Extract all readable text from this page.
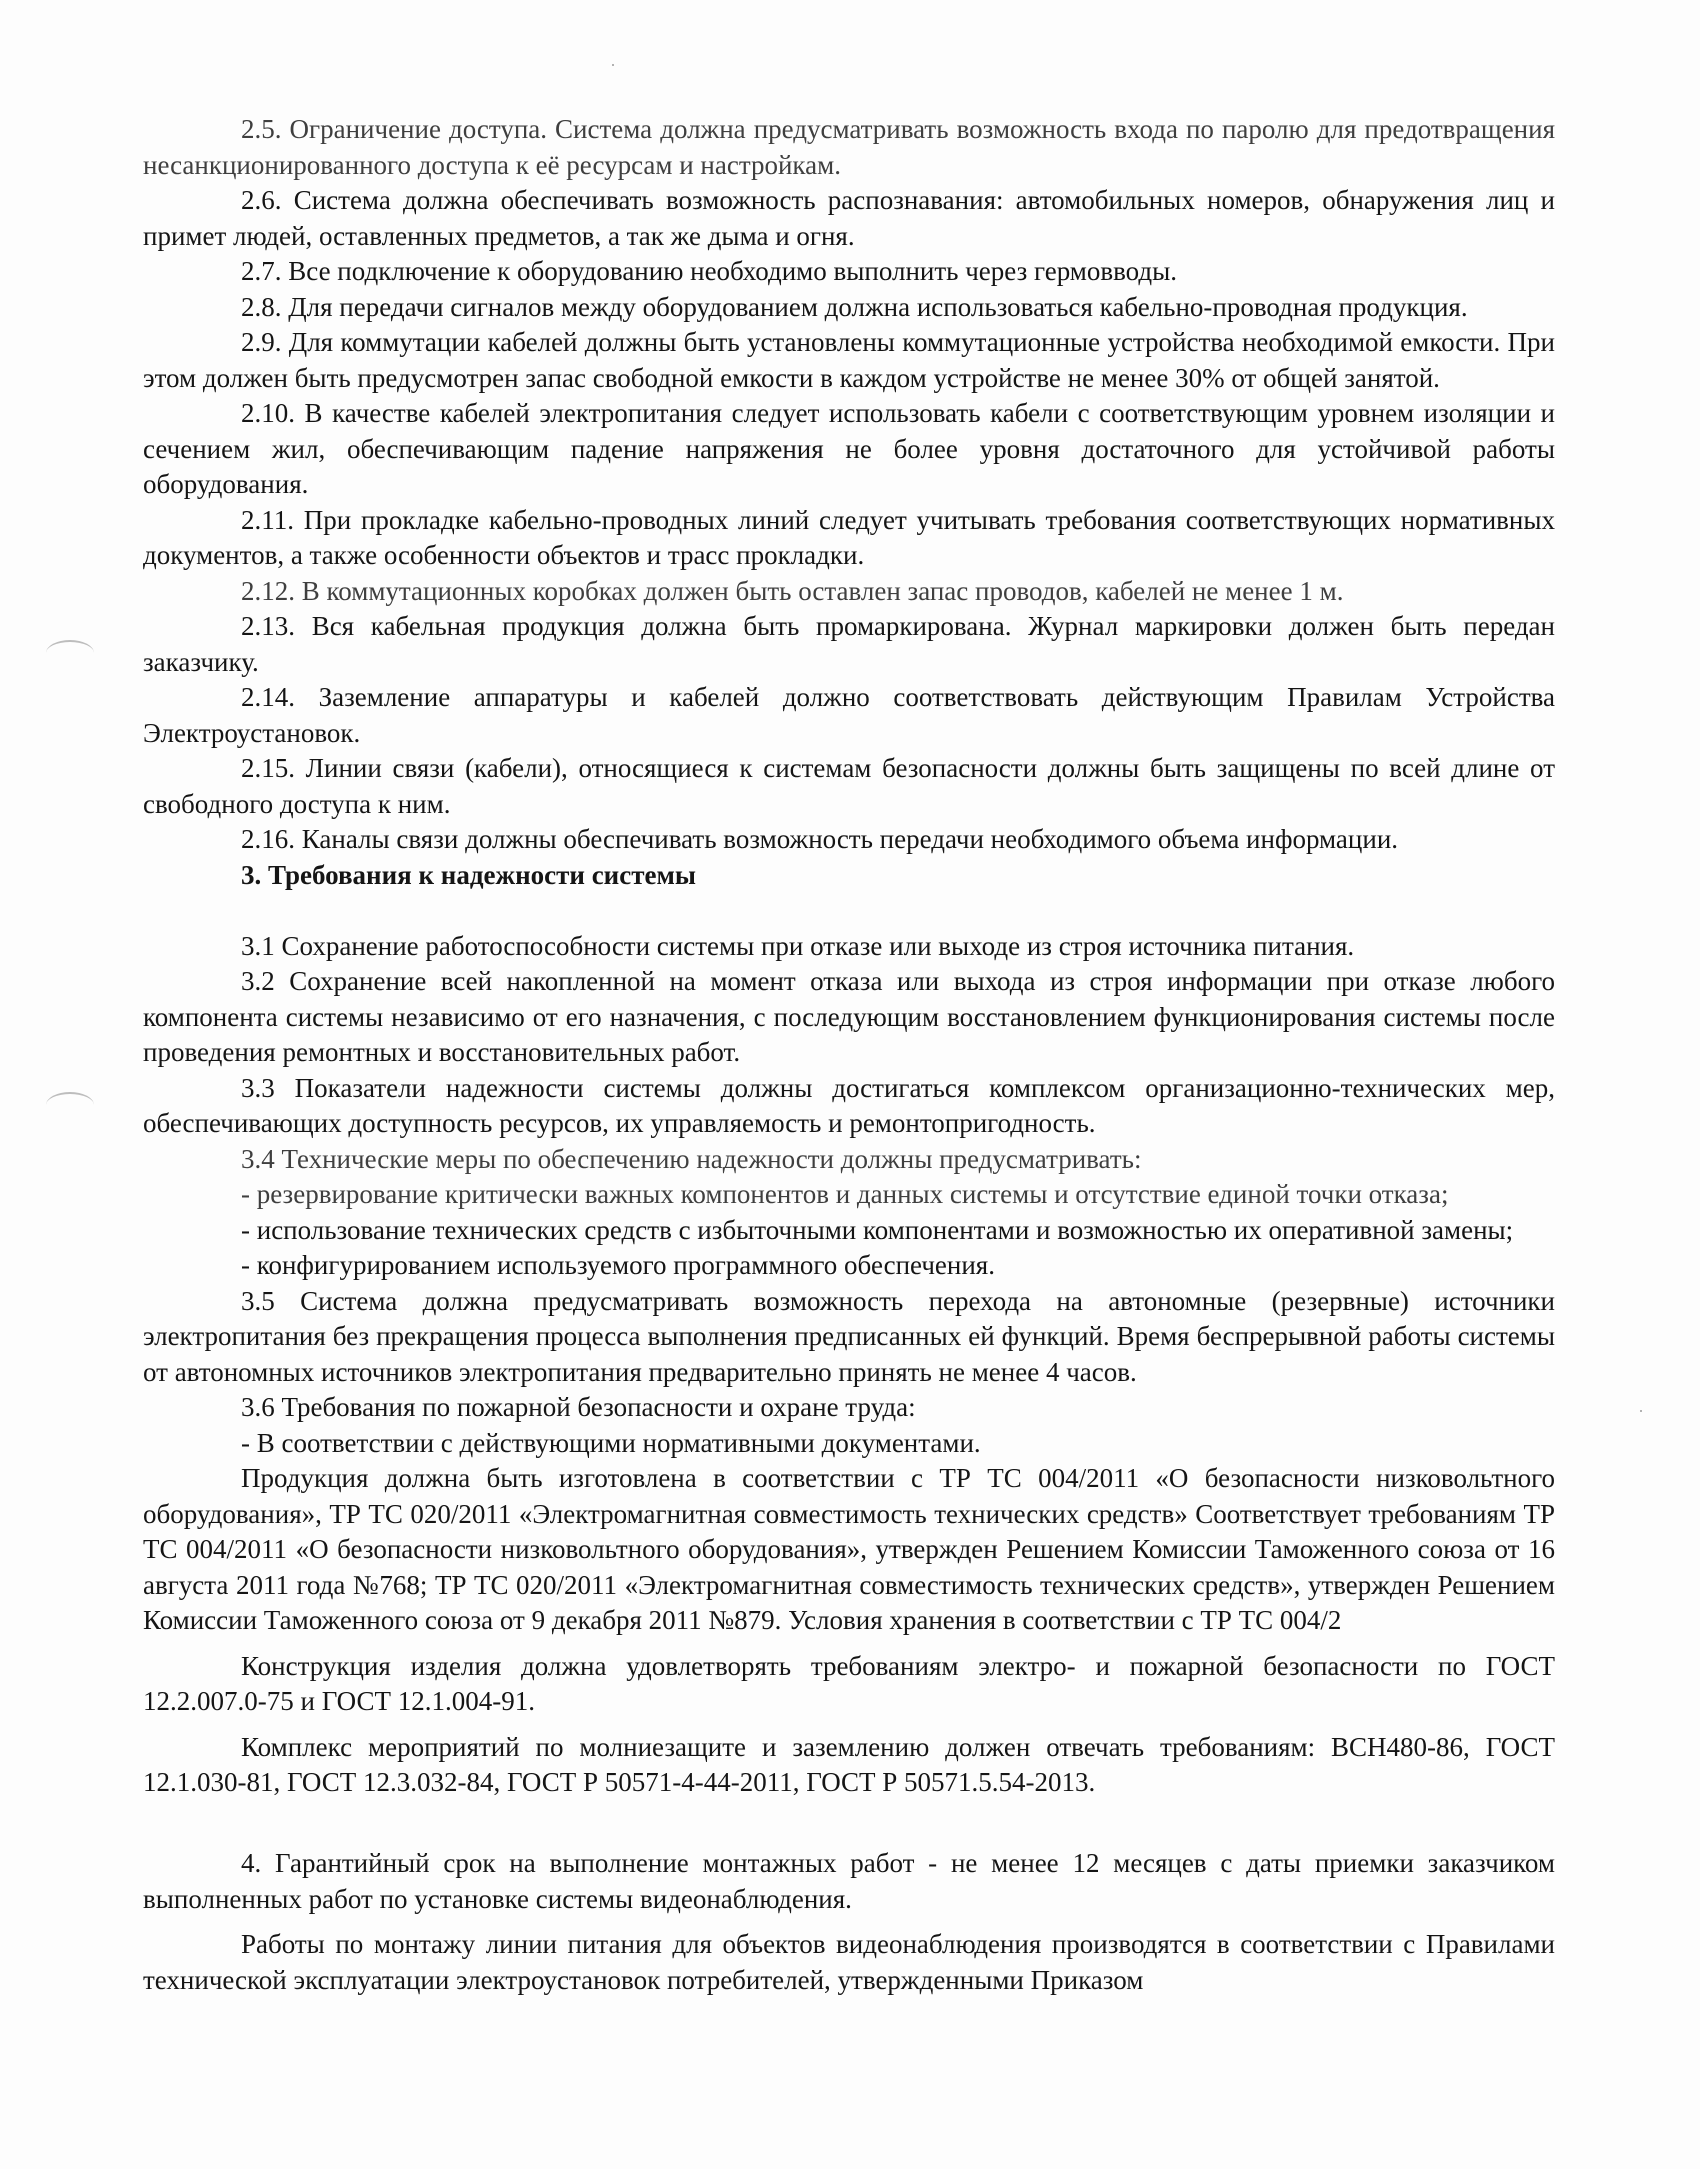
2.5. Ограничение доступа. Система должна предусматривать возможность входа по паролю для предотвращения несанкционированного доступа к её ресурсам и настройкам.

2.6. Система должна обеспечивать возможность распознавания: автомобильных номеров, обнаружения лиц и примет людей, оставленных предметов, а так же дыма и огня.

2.7. Все подключение к оборудованию необходимо выполнить через гермовводы.

2.8. Для передачи сигналов между оборудованием должна использоваться кабельно-проводная продукция.

2.9. Для коммутации кабелей должны быть установлены коммутационные устройства необходимой емкости. При этом должен быть предусмотрен запас свободной емкости в каждом устройстве не менее 30% от общей занятой.

2.10. В качестве кабелей электропитания следует использовать кабели с соответствующим уровнем изоляции и сечением жил, обеспечивающим падение напряжения не более уровня достаточного для устойчивой работы оборудования.

2.11. При прокладке кабельно-проводных линий следует учитывать требования соответствующих нормативных документов, а также особенности объектов и трасс прокладки.

2.12. В коммутационных коробках должен быть оставлен запас проводов, кабелей не менее 1 м.

2.13. Вся кабельная продукция должна быть промаркирована. Журнал маркировки должен быть передан заказчику.

2.14. Заземление аппаратуры и кабелей должно соответствовать действующим Правилам Устройства Электроустановок.

2.15. Линии связи (кабели), относящиеся к системам безопасности должны быть защищены по всей длине от свободного доступа к ним.

2.16. Каналы связи должны обеспечивать возможность передачи необходимого объема информации.

3. Требования к надежности системы

3.1 Сохранение работоспособности системы при отказе или выходе из строя источника питания.

3.2 Сохранение всей накопленной на момент отказа или выхода из строя информации при отказе любого компонента системы независимо от его назначения, с последующим восстановлением функционирования системы после проведения ремонтных и восстановительных работ.

3.3 Показатели надежности системы должны достигаться комплексом организационно-технических мер, обеспечивающих доступность ресурсов, их управляемость и ремонтопригодность.

3.4 Технические меры по обеспечению надежности должны предусматривать:

- резервирование критически важных компонентов и данных системы и отсутствие единой точки отказа;

- использование технических средств с избыточными компонентами и возможностью их оперативной замены;

- конфигурированием используемого программного обеспечения.

3.5 Система должна предусматривать возможность перехода на автономные (резервные) источники электропитания без прекращения процесса выполнения предписанных ей функций. Время беспрерывной работы системы от автономных источников электропитания предварительно принять не менее 4 часов.

3.6 Требования по пожарной безопасности и охране труда:

- В соответствии с действующими нормативными документами.

Продукция должна быть изготовлена в соответствии с ТР ТС 004/2011 «О безопасности низковольтного оборудования», ТР ТС 020/2011 «Электромагнитная совместимость технических средств» Соответствует требованиям ТР ТС 004/2011 «О безопасности низковольтного оборудования», утвержден Решением Комиссии Таможенного союза от 16 августа 2011 года №768; ТР ТС 020/2011 «Электромагнитная совместимость технических средств», утвержден Решением Комиссии Таможенного союза от 9 декабря 2011 №879. Условия хранения в соответствии с ТР ТС 004/2

Конструкция изделия должна удовлетворять требованиям электро- и пожарной безопасности по ГОСТ 12.2.007.0-75 и ГОСТ 12.1.004-91.

Комплекс мероприятий по молниезащите и заземлению должен отвечать требованиям: ВСН480-86, ГОСТ 12.1.030-81, ГОСТ 12.3.032-84, ГОСТ Р 50571-4-44-2011, ГОСТ Р 50571.5.54-2013.

4. Гарантийный срок на выполнение монтажных работ - не менее 12 месяцев с даты приемки заказчиком выполненных работ по установке системы видеонаблюдения.

Работы по монтажу линии питания для объектов видеонаблюдения производятся в соответствии с Правилами технической эксплуатации электроустановок потребителей, утвержденными Приказом
